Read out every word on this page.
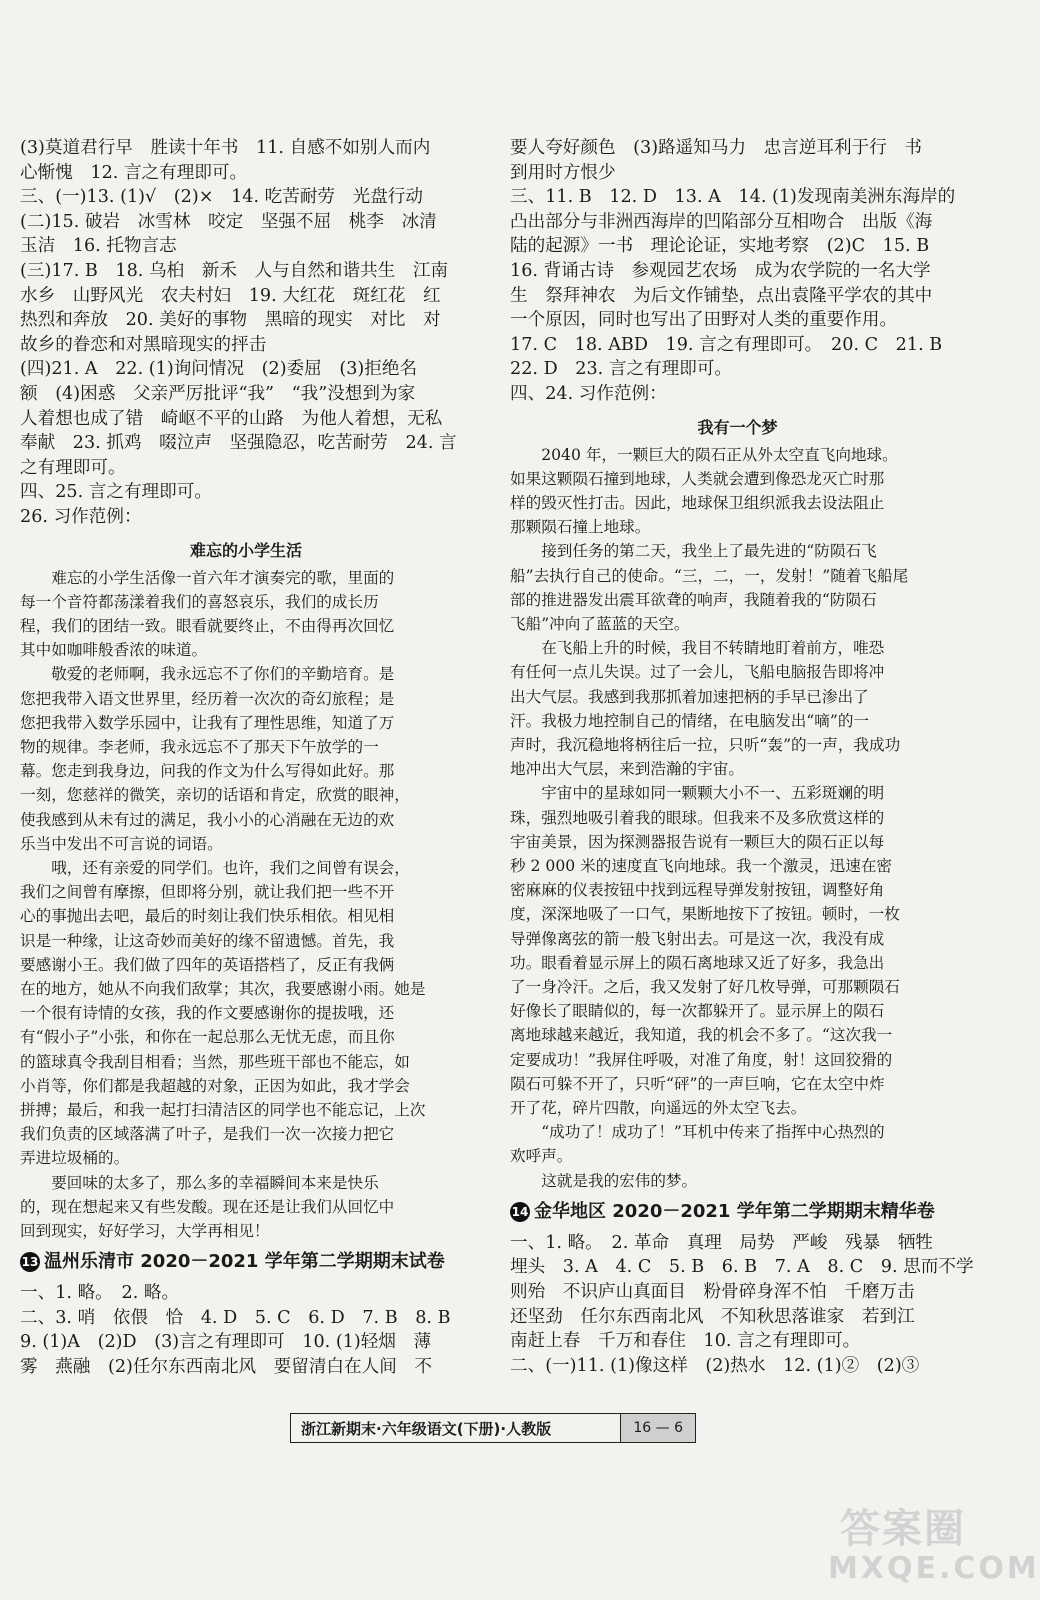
(3)莫道君行早　胜读十年书　11. 自感不如别人而内

心惭愧　12. 言之有理即可。

三、(一)13. (1)√　(2)×　14. 吃苦耐劳　光盘行动

(二)15. 破岩　冰雪林　咬定　坚强不屈　桃李　冰清

玉洁　16. 托物言志

(三)17. B　18. 乌桕　新禾　人与自然和谐共生　江南

水乡　山野风光　农夫村妇　19. 大红花　斑红花　红

热烈和奔放　20. 美好的事物　黑暗的现实　对比　对

故乡的眷恋和对黑暗现实的抨击

(四)21. A　22. (1)询问情况　(2)委屈　(3)拒绝名

额　(4)困惑　父亲严厉批评“我”　“我”没想到为家

人着想也成了错　崎岖不平的山路　为他人着想，无私

奉献　23. 抓鸡　啜泣声　坚强隐忍，吃苦耐劳　24. 言

之有理即可。

四、25. 言之有理即可。

26. 习作范例：

难忘的小学生活

　　难忘的小学生活像一首六年才演奏完的歌，里面的

每一个音符都荡漾着我们的喜怒哀乐，我们的成长历

程，我们的团结一致。眼看就要终止，不由得再次回忆

其中如咖啡般香浓的味道。

　　敬爱的老师啊，我永远忘不了你们的辛勤培育。是

您把我带入语文世界里，经历着一次次的奇幻旅程；是

您把我带入数学乐园中，让我有了理性思维，知道了万

物的规律。李老师，我永远忘不了那天下午放学的一

幕。您走到我身边，问我的作文为什么写得如此好。那

一刻，您慈祥的微笑，亲切的话语和肯定，欣赏的眼神，

使我感到从未有过的满足，我小小的心消融在无边的欢

乐当中发出不可言说的词语。

　　哦，还有亲爱的同学们。也许，我们之间曾有误会，

我们之间曾有摩擦，但即将分别，就让我们把一些不开

心的事抛出去吧，最后的时刻让我们快乐相依。相见相

识是一种缘，让这奇妙而美好的缘不留遗憾。首先，我

要感谢小王。我们做了四年的英语搭档了，反正有我俩

在的地方，她从不向我们敌掌；其次，我要感谢小雨。她是

一个很有诗情的女孩，我的作文要感谢你的提拔哦，还

有“假小子”小张，和你在一起总那么无忧无虑，而且你

的篮球真令我刮目相看；当然，那些班干部也不能忘，如

小肖等，你们都是我超越的对象，正因为如此，我才学会

拼搏；最后，和我一起打扫清洁区的同学也不能忘记，上次

我们负责的区域落满了叶子，是我们一次一次接力把它

弄进垃圾桶的。

　　要回味的太多了，那么多的幸福瞬间本来是快乐

的，现在想起来又有些发酸。现在还是让我们从回忆中

回到现实，好好学习，大学再相见！

13 温州乐清市 2020－2021 学年第二学期期末试卷

一、1. 略。　2. 略。

二、3. 哨　依偎　恰　4. D　5. C　6. D　7. B　8. B

9. (1)A　(2)D　(3)言之有理即可　10. (1)轻烟　薄

雾　燕融　(2)任尔东西南北风　要留清白在人间　不

要人夸好颜色　(3)路遥知马力　忠言逆耳利于行　书

到用时方恨少

三、11. B　12. D　13. A　14. (1)发现南美洲东海岸的

凸出部分与非洲西海岸的凹陷部分互相吻合　出版《海

陆的起源》一书　理论论证，实地考察　(2)C　15. B

16. 背诵古诗　参观园艺农场　成为农学院的一名大学

生　祭拜神农　为后文作铺垫，点出袁隆平学农的其中

一个原因，同时也写出了田野对人类的重要作用。

17. C　18. ABD　19. 言之有理即可。　20. C　21. B

22. D　23. 言之有理即可。

四、24. 习作范例：

我有一个梦

　　2040 年，一颗巨大的陨石正从外太空直飞向地球。

如果这颗陨石撞到地球，人类就会遭到像恐龙灭亡时那

样的毁灭性打击。因此，地球保卫组织派我去设法阻止

那颗陨石撞上地球。

　　接到任务的第二天，我坐上了最先进的“防陨石飞

船”去执行自己的使命。“三，二，一，发射！”随着飞船尾

部的推进器发出震耳欲聋的响声，我随着我的“防陨石

飞船”冲向了蓝蓝的天空。

　　在飞船上升的时候，我目不转睛地盯着前方，唯恐

有任何一点儿失误。过了一会儿，飞船电脑报告即将冲

出大气层。我感到我那抓着加速把柄的手早已渗出了

汗。我极力地控制自己的情绪，在电脑发出“嘀”的一

声时，我沉稳地将柄往后一拉，只听“轰”的一声，我成功

地冲出大气层，来到浩瀚的宇宙。

　　宇宙中的星球如同一颗颗大小不一、五彩斑斓的明

珠，强烈地吸引着我的眼球。但我来不及多欣赏这样的

宇宙美景，因为探测器报告说有一颗巨大的陨石正以每

秒 2 000 米的速度直飞向地球。我一个激灵，迅速在密

密麻麻的仪表按钮中找到远程导弹发射按钮，调整好角

度，深深地吸了一口气，果断地按下了按钮。顿时，一枚

导弹像离弦的箭一般飞射出去。可是这一次，我没有成

功。眼看着显示屏上的陨石离地球又近了好多，我急出

了一身冷汗。之后，我又发射了好几枚导弹，可那颗陨石

好像长了眼睛似的，每一次都躲开了。显示屏上的陨石

离地球越来越近，我知道，我的机会不多了。“这次我一

定要成功！”我屏住呼吸，对准了角度，射！这回狡猾的

陨石可躲不开了，只听“砰”的一声巨响，它在太空中炸

开了花，碎片四散，向遥远的外太空飞去。

　　“成功了！成功了！”耳机中传来了指挥中心热烈的

欢呼声。

　　这就是我的宏伟的梦。

14 金华地区 2020－2021 学年第二学期期末精华卷

一、1. 略。　2. 革命　真理　局势　严峻　残暴　牺牲

埋头　3. A　4. C　5. B　6. B　7. A　8. C　9. 思而不学

则殆　不识庐山真面目　粉骨碎身浑不怕　千磨万击

还坚劲　任尔东西南北风　不知秋思落谁家　若到江

南赶上春　千万和春住　10. 言之有理即可。

二、(一)11. (1)像这样　(2)热水　12. (1)②　(2)③

浙江新期末·六年级语文(下册)·人教版	16 — 6
答案圈
MXQE.COM
